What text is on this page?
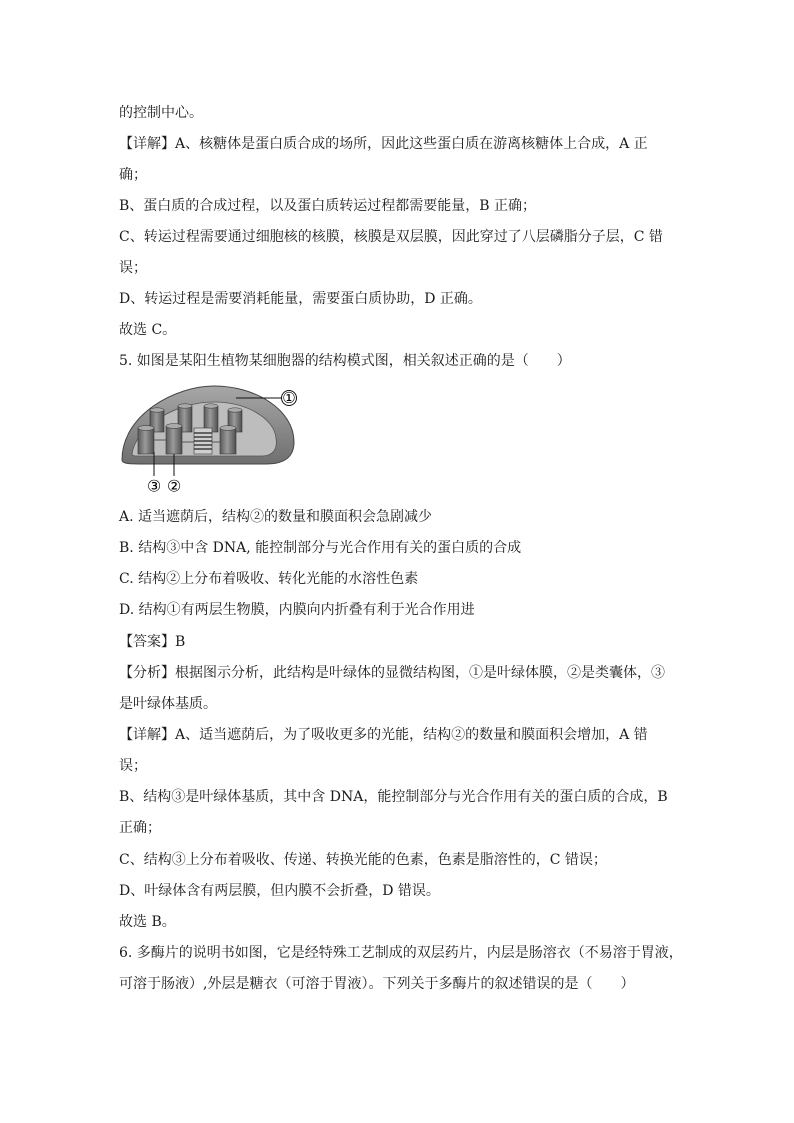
的控制中心。
【详解】A、核糖体是蛋白质合成的场所，因此这些蛋白质在游离核糖体上合成，A 正
确；
B、蛋白质的合成过程，以及蛋白质转运过程都需要能量，B 正确；
C、转运过程需要通过细胞核的核膜，核膜是双层膜，因此穿过了八层磷脂分子层，C 错
误；
D、转运过程是需要消耗能量，需要蛋白质协助，D 正确。
故选 C。
5. 如图是某阳生植物某细胞器的结构模式图，相关叙述正确的是（　　）
①
③ ②
A. 适当遮荫后，结构②的数量和膜面积会急剧减少
B. 结构③中含 DNA, 能控制部分与光合作用有关的蛋白质的合成
C. 结构②上分布着吸收、转化光能的水溶性色素
D. 结构①有两层生物膜，内膜向内折叠有利于光合作用进
【答案】B
【分析】根据图示分析，此结构是叶绿体的显微结构图，①是叶绿体膜，②是类囊体，③
是叶绿体基质。
【详解】A、适当遮荫后，为了吸收更多的光能，结构②的数量和膜面积会增加，A 错
误；
B、结构③是叶绿体基质，其中含 DNA，能控制部分与光合作用有关的蛋白质的合成，B
正确；
C、结构③上分布着吸收、传递、转换光能的色素，色素是脂溶性的，C 错误；
D、叶绿体含有两层膜，但内膜不会折叠，D 错误。
故选 B。
6. 多酶片的说明书如图，它是经特殊工艺制成的双层药片，内层是肠溶衣（不易溶于胃液，
可溶于肠液）,外层是糖衣（可溶于胃液）。下列关于多酶片的叙述错误的是（　　）
